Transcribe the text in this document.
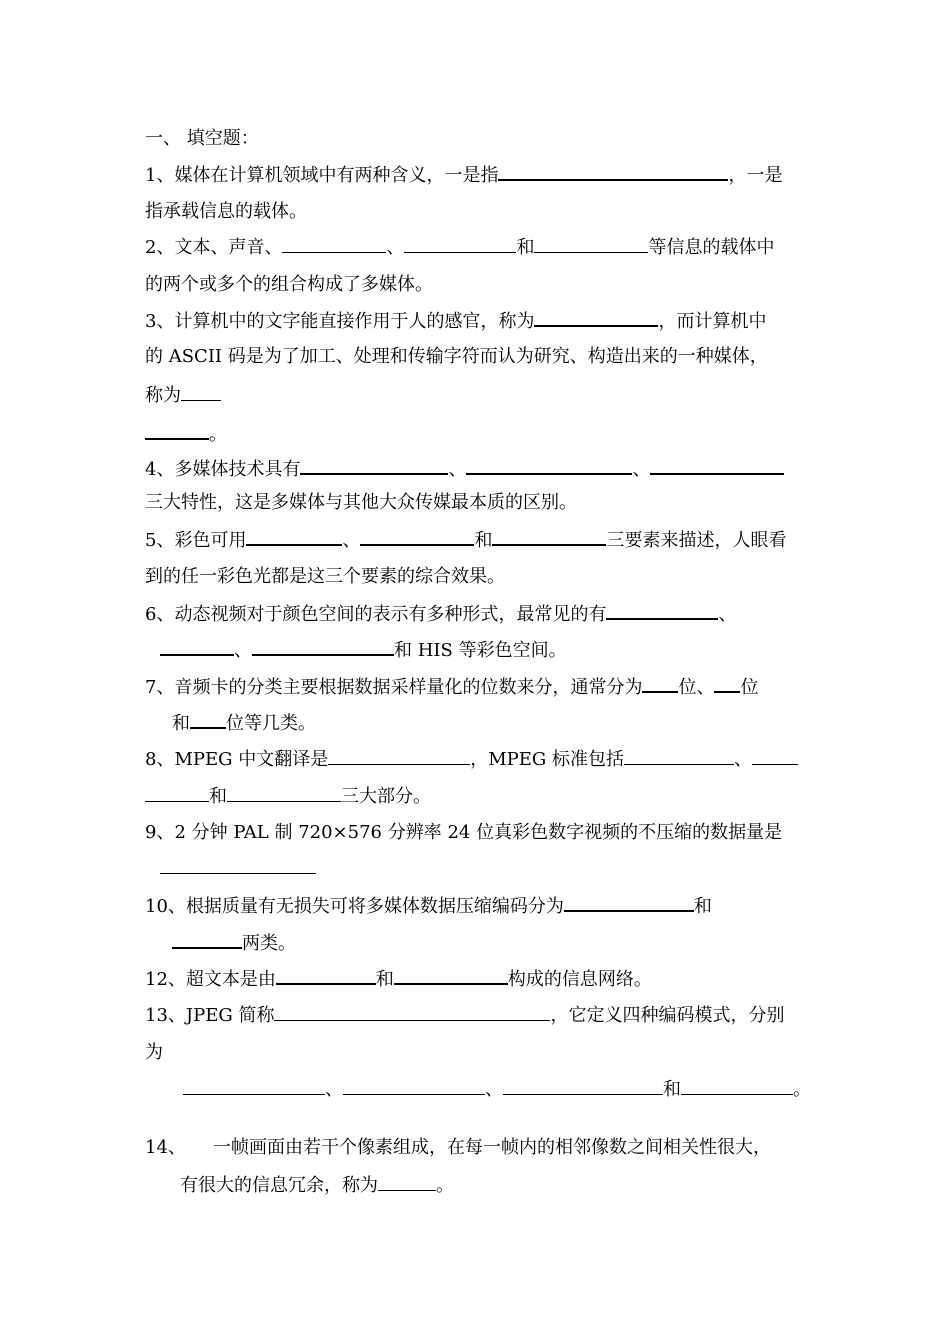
一、 填空题：
1、媒体在计算机领域中有两种含义，一是指	，一是
指承载信息的载体。
2、文本、声音、	、	和	等信息的载体中
的两个或多个的组合构成了多媒体。
3、计算机中的文字能直接作用于人的感官，称为	，而计算机中
的 ASCII 码是为了加工、处理和传输字符而认为研究、构造出来的一种媒体，
称为
。
4、多媒体技术具有	、	、
三大特性，这是多媒体与其他大众传媒最本质的区别。
5、彩色可用	、	和	三要素来描述，人眼看
到的任一彩色光都是这三个要素的综合效果。
6、动态视频对于颜色空间的表示有多种形式，最常见的有	、
、	和 HIS 等彩色空间。
7、音频卡的分类主要根据数据采样量化的位数来分，通常分为 位、 位
和 位等几类。
8、MPEG 中文翻译是	，MPEG 标准包括	、
和	三大部分。
9、2 分钟 PAL 制 720×576 分辨率 24 位真彩色数字视频的不压缩的数据量是
10、根据质量有无损失可将多媒体数据压缩编码分为	和
两类。
12、超文本是由	和	构成的信息网络。
13、JPEG 简称	，它定义四种编码模式，分别
为
、	、	和	。
14、 一帧画面由若干个像素组成，在每一帧内的相邻像数之间相关性很大，
有很大的信息冗余，称为	。
